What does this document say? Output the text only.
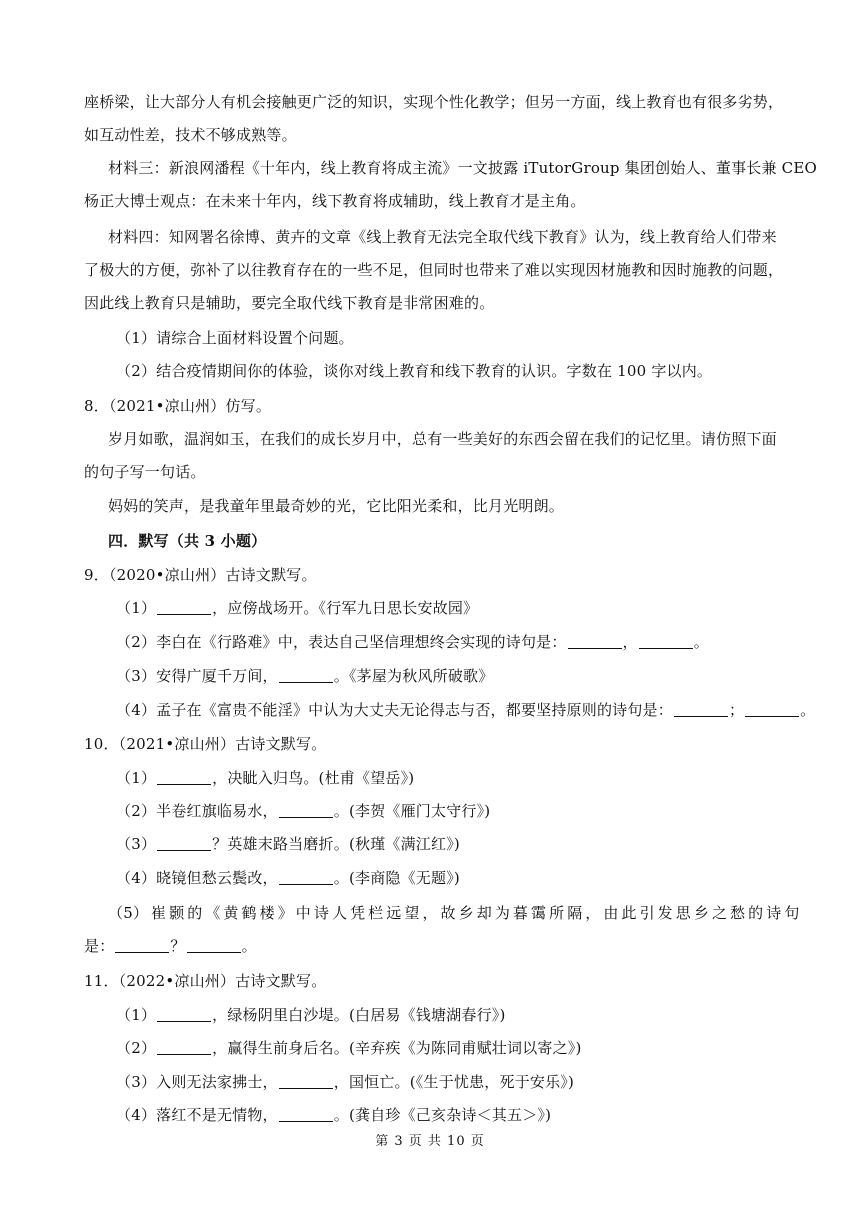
座桥梁，让大部分人有机会接触更广泛的知识，实现个性化教学；但另一方面，线上教育也有很多劣势，
如互动性差，技术不够成熟等。
材料三：新浪网潘程《十年内，线上教育将成主流》一文披露 iTutorGroup 集团创始人、董事长兼 CEO
杨正大博士观点：在未来十年内，线下教育将成辅助，线上教育才是主角。
材料四：知网署名徐博、黄卉的文章《线上教育无法完全取代线下教育》认为，线上教育给人们带来
了极大的方便，弥补了以往教育存在的一些不足，但同时也带来了难以实现因材施教和因时施教的问题，
因此线上教育只是辅助，要完全取代线下教育是非常困难的。
（1）请综合上面材料设置个问题。
（2）结合疫情期间你的体验，谈你对线上教育和线下教育的认识。字数在 100 字以内。
8．（2021•凉山州）仿写。
岁月如歌，温润如玉，在我们的成长岁月中，总有一些美好的东西会留在我们的记忆里。请仿照下面
的句子写一句话。
妈妈的笑声，是我童年里最奇妙的光，它比阳光柔和，比月光明朗。
四．默写（共 3 小题）
9．（2020•凉山州）古诗文默写。
（1）	，应傍战场开。《行军九日思长安故园》
（2）李白在《行路难》中，表达自己坚信理想终会实现的诗句是：	，	。
（3）安得广厦千万间，	。《茅屋为秋风所破歌》
（4）孟子在《富贵不能淫》中认为大丈夫无论得志与否，都要坚持原则的诗句是：	；	。
10．（2021•凉山州）古诗文默写。
（1）	，决眦入归鸟。(杜甫《望岳》)
（2）半卷红旗临易水，	。(李贺《雁门太守行》)
（3）	？英雄末路当磨折。(秋瑾《满江红》)
（4）晓镜但愁云鬓改，	。(李商隐《无题》)
（5） 崔 颢 的 《 黄 鹤 楼 》 中 诗 人 凭 栏 远 望 ， 故 乡 却 为 暮 霭 所 隔 ， 由 此 引 发 思 乡 之 愁 的 诗 句
是：	？	。
11．（2022•凉山州）古诗文默写。
（1）	，绿杨阴里白沙堤。(白居易《钱塘湖春行》)
（2）	，赢得生前身后名。(辛弃疾《为陈同甫赋壮词以寄之》)
（3）入则无法家拂士，	，国恒亡。(《生于忧患，死于安乐》)
（4）落红不是无情物，	。(龚自珍《己亥杂诗＜其五＞》)
第 3 页 共 10 页
